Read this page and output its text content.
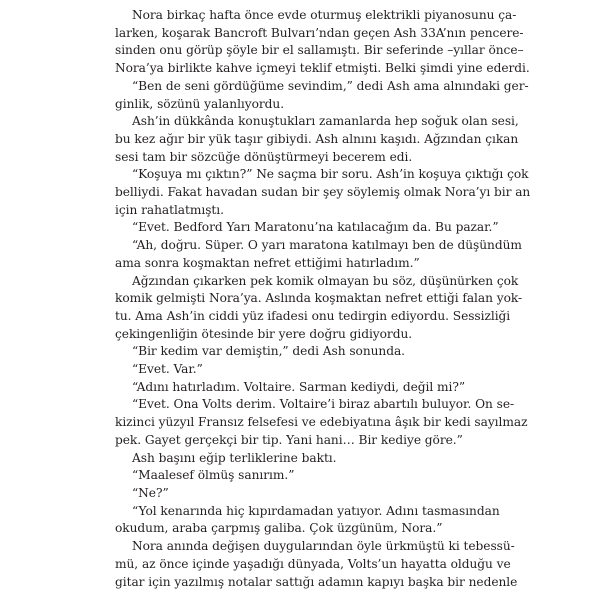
Nora birkaç hafta önce evde oturmuş elektrikli piyanosunu ça-
larken, koşarak Bancroft Bulvarı’ndan geçen Ash 33A’nın pencere-
sinden onu görüp şöyle bir el sallamıştı. Bir seferinde –yıllar önce–
Nora’ya birlikte kahve içmeyi teklif etmişti. Belki şimdi yine ederdi.
“Ben de seni gördüğüme sevindim,” dedi Ash ama alnındaki ger-
ginlik, sözünü yalanlıyordu.
Ash’in dükkânda konuştukları zamanlarda hep soğuk olan sesi,
bu kez ağır bir yük taşır gibiydi. Ash alnını kaşıdı. Ağzından çıkan
sesi tam bir sözcüğe dönüştürmeyi becerem edi.
“Koşuya mı çıktın?” Ne saçma bir soru. Ash’in koşuya çıktığı çok
belliydi. Fakat havadan sudan bir şey söylemiş olmak Nora’yı bir an
için rahatlatmıştı.
“Evet. Bedford Yarı Maratonu’na katılacağım da. Bu pazar.”
“Ah, doğru. Süper. O yarı maratona katılmayı ben de düşündüm
ama sonra koşmaktan nefret ettiğimi hatırladım.”
Ağzından çıkarken pek komik olmayan bu söz, düşünürken çok
komik gelmişti Nora’ya. Aslında koşmaktan nefret ettiği falan yok-
tu. Ama Ash’in ciddi yüz ifadesi onu tedirgin ediyordu. Sessizliği
çekingenliğin ötesinde bir yere doğru gidiyordu.
“Bir kedim var demiştin,” dedi Ash sonunda.
“Evet. Var.”
“Adını hatırladım. Voltaire. Sarman kediydi, değil mi?”
“Evet. Ona Volts derim. Voltaire’i biraz abartılı buluyor. On se-
kizinci yüzyıl Fransız felsefesi ve edebiyatına âşık bir kedi sayılmaz
pek. Gayet gerçekçi bir tip. Yani hani… Bir kediye göre.”
Ash başını eğip terliklerine baktı.
“Maalesef ölmüş sanırım.”
“Ne?”
“Yol kenarında hiç kıpırdamadan yatıyor. Adını tasmasından
okudum, araba çarpmış galiba. Çok üzgünüm, Nora.”
Nora anında değişen duygularından öyle ürkmüştü ki tebessü-
mü, az önce içinde yaşadığı dünyada, Volts’un hayatta olduğu ve
gitar için yazılmış notalar sattığı adamın kapıyı başka bir nedenle
